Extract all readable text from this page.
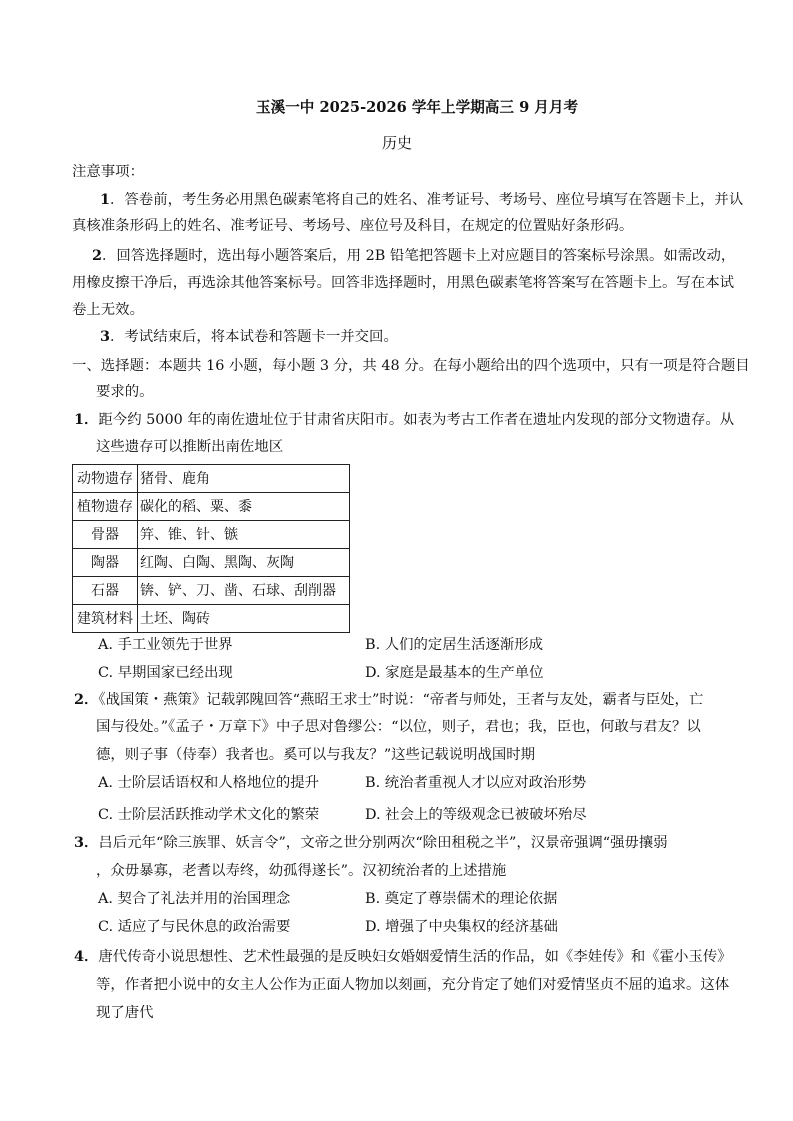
玉溪一中 2025-2026 学年上学期高三 9 月月考
历史
注意事项：
1．答卷前，考生务必用黑色碳素笔将自己的姓名、准考证号、考场号、座位号填写在答题卡上，并认
真核准条形码上的姓名、准考证号、考场号、座位号及科目，在规定的位置贴好条形码。
2．回答选择题时，选出每小题答案后，用 2B 铅笔把答题卡上对应题目的答案标号涂黑。如需改动，
用橡皮擦干净后，再选涂其他答案标号。回答非选择题时，用黑色碳素笔将答案写在答题卡上。写在本试
卷上无效。
3．考试结束后，将本试卷和答题卡一并交回。
一、选择题：本题共 16 小题，每小题 3 分，共 48 分。在每小题给出的四个选项中，只有一项是符合题目
要求的。
1．距今约 5000 年的南佐遗址位于甘肃省庆阳市。如表为考古工作者在遗址内发现的部分文物遗存。从
这些遗存可以推断出南佐地区
动物遗存	猪骨、鹿角
植物遗存	碳化的稻、粟、黍
骨器	笄、锥、针、镞
陶器	红陶、白陶、黑陶、灰陶
石器	锛、铲、刀、凿、石球、刮削器
建筑材料	土坯、陶砖
A. 手工业领先于世界	B. 人们的定居生活逐渐形成
C. 早期国家已经出现	D. 家庭是最基本的生产单位
2．《战国策・燕策》记载郭隗回答“燕昭王求士”时说：“帝者与师处，王者与友处，霸者与臣处，亡
国与役处。”《孟子・万章下》中子思对鲁缪公：“以位，则子，君也；我，臣也，何敢与君友？以
德，则子事（侍奉）我者也。奚可以与我友？”这些记载说明战国时期
A. 士阶层话语权和人格地位的提升	B. 统治者重视人才以应对政治形势
C. 士阶层活跃推动学术文化的繁荣	D. 社会上的等级观念已被破坏殆尽
3．吕后元年“除三族罪、妖言令”，文帝之世分别两次“除田租税之半”，汉景帝强调“强毋攘弱
，众毋暴寡，老耆以寿终，幼孤得遂长”。汉初统治者的上述措施
A. 契合了礼法并用的治国理念	B. 奠定了尊崇儒术的理论依据
C. 适应了与民休息的政治需要	D. 增强了中央集权的经济基础
4．唐代传奇小说思想性、艺术性最强的是反映妇女婚姻爱情生活的作品，如《李娃传》和《霍小玉传》
等，作者把小说中的女主人公作为正面人物加以刻画，充分肯定了她们对爱情坚贞不屈的追求。这体
现了唐代
